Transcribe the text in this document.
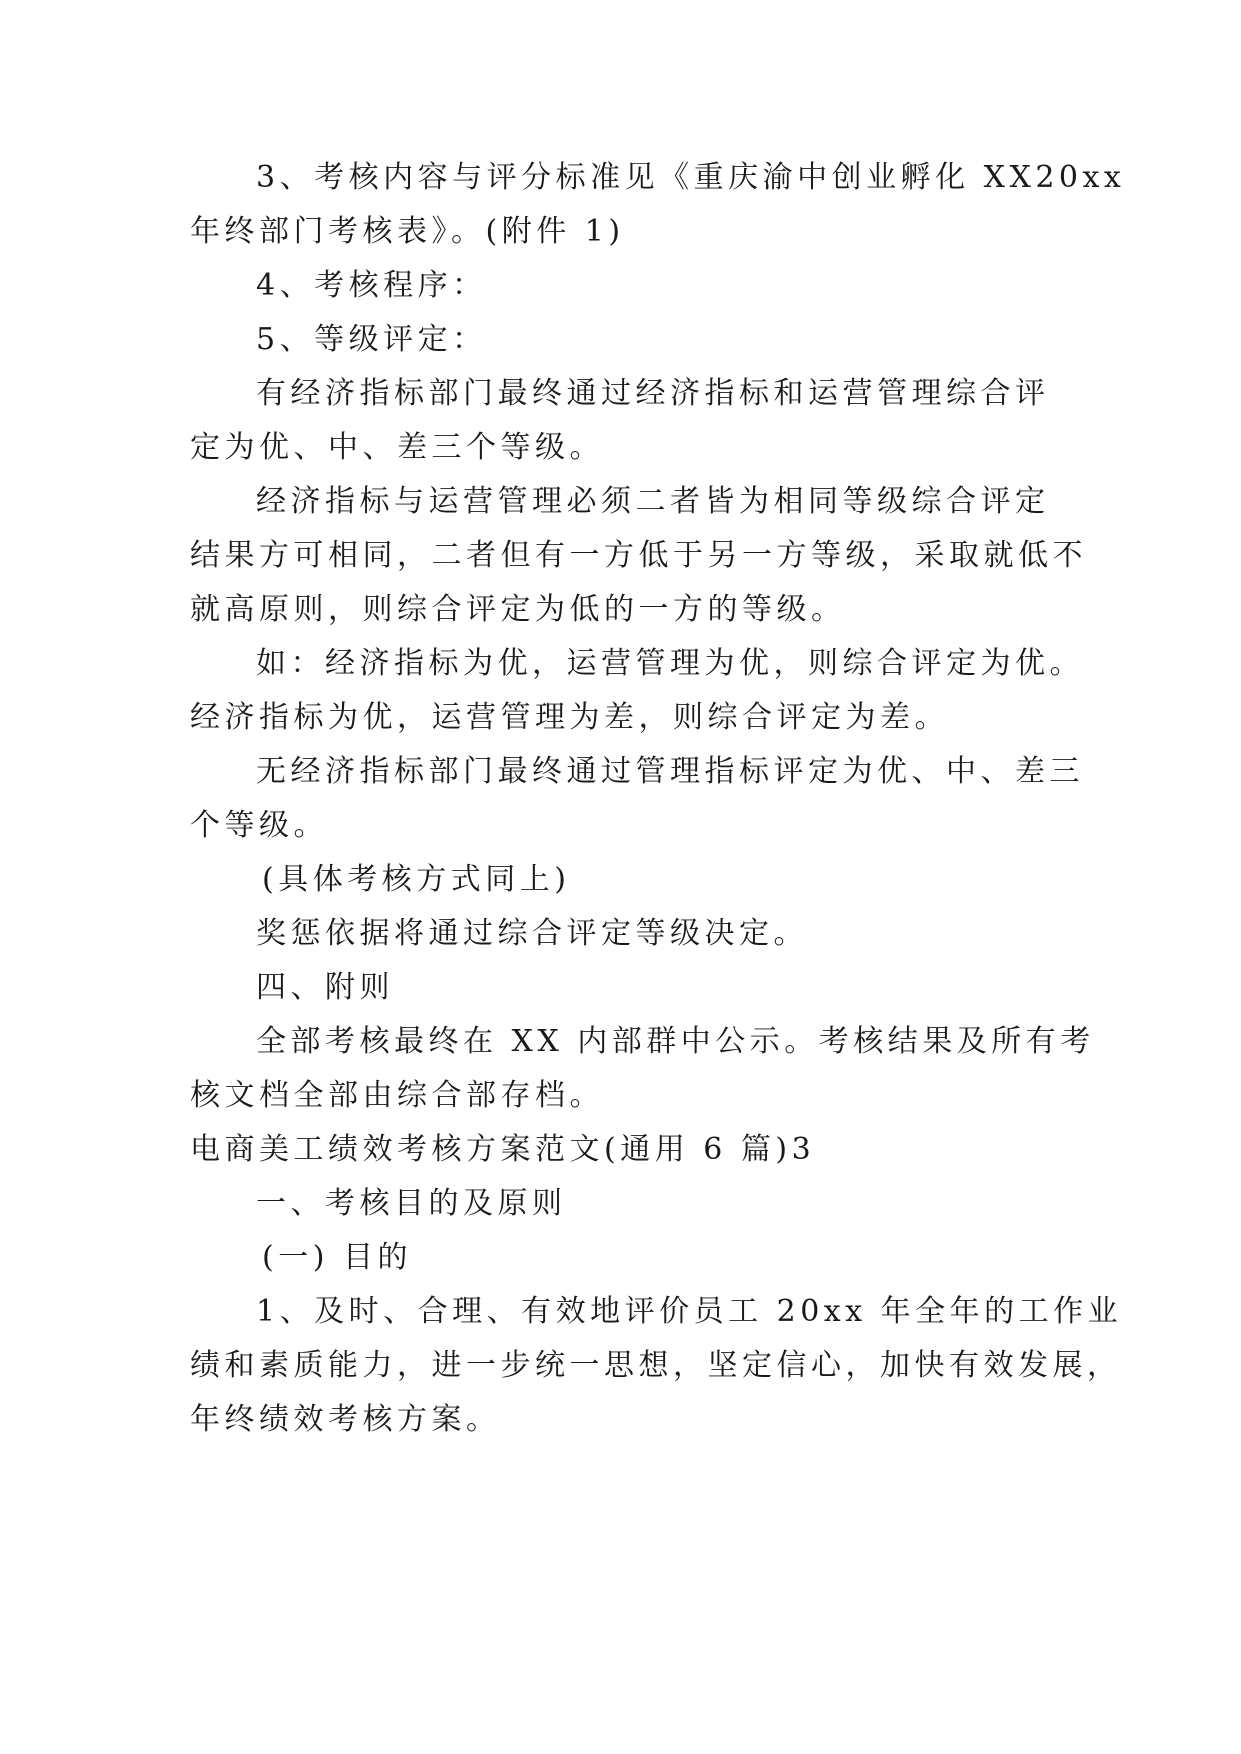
3、考核内容与评分标准见《重庆渝中创业孵化 XX20xx
年终部门考核表》。(附件 1)
4、考核程序：
5、等级评定：
有经济指标部门最终通过经济指标和运营管理综合评
定为优、中、差三个等级。
经济指标与运营管理必须二者皆为相同等级综合评定
结果方可相同，二者但有一方低于另一方等级，采取就低不
就高原则，则综合评定为低的一方的等级。
如：经济指标为优，运营管理为优，则综合评定为优。
经济指标为优，运营管理为差，则综合评定为差。
无经济指标部门最终通过管理指标评定为优、中、差三
个等级。
(具体考核方式同上)
奖惩依据将通过综合评定等级决定。
四、附则
全部考核最终在 XX 内部群中公示。考核结果及所有考
核文档全部由综合部存档。
电商美工绩效考核方案范文(通用 6 篇)3
一、考核目的及原则
(一) 目的
1、及时、合理、有效地评价员工 20xx 年全年的工作业
绩和素质能力，进一步统一思想，坚定信心，加快有效发展，
年终绩效考核方案。
